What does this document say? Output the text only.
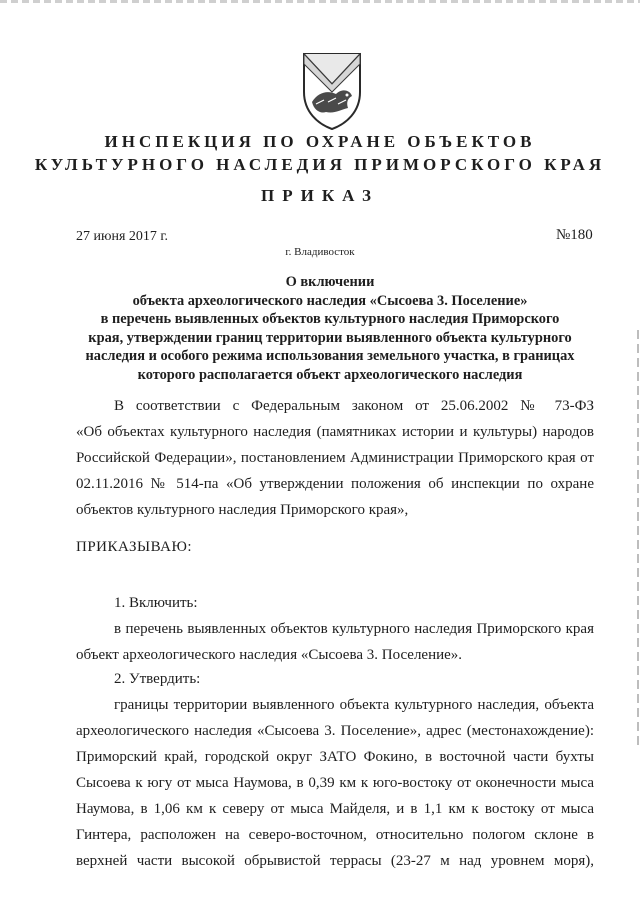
ИНСПЕКЦИЯ ПО ОХРАНЕ ОБЪЕКТОВ
КУЛЬТУРНОГО НАСЛЕДИЯ ПРИМОРСКОГО КРАЯ
ПРИКАЗ
27 июня 2017 г.	№180
г. Владивосток
О включении
объекта археологического наследия «Сысоева 3. Поселение»
в перечень выявленных объектов культурного наследия Приморского
края, утверждении границ территории выявленного объекта культурного
наследия и особого режима использования земельного участка, в границах
которого располагается объект археологического наследия
В соответствии с Федеральным законом от 25.06.2002 № 73-ФЗ
«Об объектах культурного наследия (памятниках истории и культуры) народов
Российской Федерации», постановлением Администрации Приморского края от
02.11.2016 № 514-па «Об утверждении положения об инспекции по охране
объектов культурного наследия Приморского края»,
ПРИКАЗЫВАЮ:
1. Включить:
в перечень выявленных объектов культурного наследия Приморского края
объект археологического наследия «Сысоева 3. Поселение».
2. Утвердить:
границы территории выявленного объекта культурного наследия, объекта
археологического наследия «Сысоева 3. Поселение», адрес (местонахождение):
Приморский край, городской округ ЗАТО Фокино, в восточной части бухты
Сысоева к югу от мыса Наумова, в 0,39 км к юго-востоку от оконечности мыса
Наумова, в 1,06 км к северу от мыса Майделя, и в 1,1 км к востоку от мыса
Гинтера, расположен на северо-восточном, относительно пологом склоне в
верхней части высокой обрывистой террасы (23-27 м над уровнем моря),
